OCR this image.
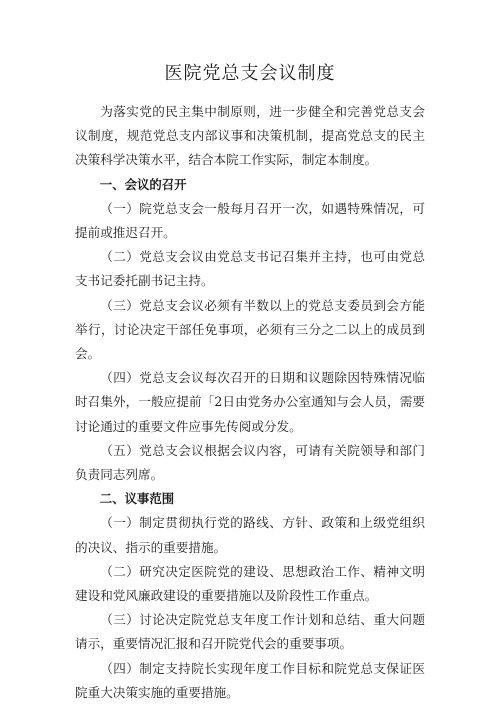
医院党总支会议制度

为落实党的民主集中制原则，进一步健全和完善党总支会议制度，规范党总支内部议事和决策机制，提高党总支的民主决策科学决策水平，结合本院工作实际，制定本制度。

一、会议的召开

（一）院党总支会一般每月召开一次，如遇特殊情况，可提前或推迟召开。

（二）党总支会议由党总支书记召集并主持，也可由党总支书记委托副书记主持。

（三）党总支会议必须有半数以上的党总支委员到会方能举行，讨论决定干部任免事项，必须有三分之二以上的成员到会。

（四）党总支会议每次召开的日期和议题除因特殊情况临时召集外，一般应提前「2日由党务办公室通知与会人员，需要讨论通过的重要文件应事先传阅或分发。

（五）党总支会议根据会议内容，可请有关院领导和部门负责同志列席。

二、议事范围

（一）制定贯彻执行党的路线、方针、政策和上级党组织的决议、指示的重要措施。

（二）研究决定医院党的建设、思想政治工作、精神文明建设和党风廉政建设的重要措施以及阶段性工作重点。

（三）讨论决定院党总支年度工作计划和总结、重大问题请示，重要情况汇报和召开院党代会的重要事项。

（四）制定支持院长实现年度工作目标和院党总支保证医院重大决策实施的重要措施。
